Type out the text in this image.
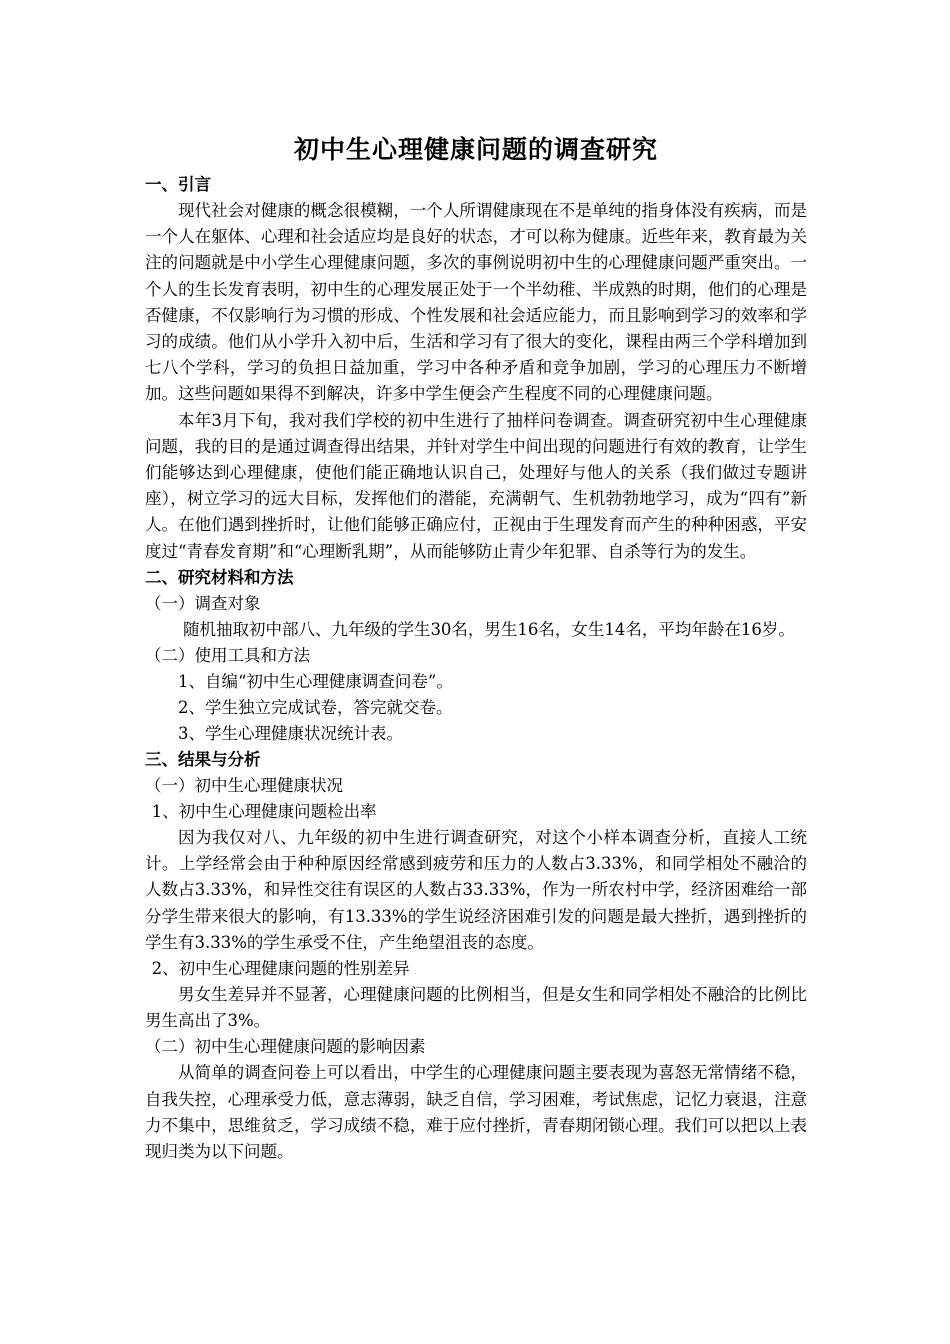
初中生心理健康问题的调查研究
一、引言

现代社会对健康的概念很模糊，一个人所谓健康现在不是单纯的指身体没有疾病，而是一个人在躯体、心理和社会适应均是良好的状态，才可以称为健康。近些年来，教育最为关注的问题就是中小学生心理健康问题，多次的事例说明初中生的心理健康问题严重突出。一个人的生长发育表明，初中生的心理发展正处于一个半幼稚、半成熟的时期，他们的心理是否健康，不仅影响行为习惯的形成、个性发展和社会适应能力，而且影响到学习的效率和学习的成绩。他们从小学升入初中后，生活和学习有了很大的变化，课程由两三个学科增加到七八个学科，学习的负担日益加重，学习中各种矛盾和竞争加剧，学习的心理压力不断增加。这些问题如果得不到解决，许多中学生便会产生程度不同的心理健康问题。

本年3月下旬，我对我们学校的初中生进行了抽样问卷调查。调查研究初中生心理健康问题，我的目的是通过调查得出结果，并针对学生中间出现的问题进行有效的教育，让学生们能够达到心理健康，使他们能正确地认识自己，处理好与他人的关系（我们做过专题讲座），树立学习的远大目标，发挥他们的潜能，充满朝气、生机勃勃地学习，成为“四有”新人。在他们遇到挫折时，让他们能够正确应付，正视由于生理发育而产生的种种困惑，平安度过“青春发育期”和“心理断乳期”，从而能够防止青少年犯罪、自杀等行为的发生。

二、研究材料和方法
（一）调查对象

随机抽取初中部八、九年级的学生30名，男生16名，女生14名，平均年龄在16岁。

（二）使用工具和方法
1、自编“初中生心理健康调查问卷”。
2、学生独立完成试卷，答完就交卷。
3、学生心理健康状况统计表。
三、结果与分析
（一）初中生心理健康状况
1、初中生心理健康问题检出率

因为我仅对八、九年级的初中生进行调查研究，对这个小样本调查分析，直接人工统计。上学经常会由于种种原因经常感到疲劳和压力的人数占3.33%，和同学相处不融洽的人数占3.33%，和异性交往有误区的人数占33.33%，作为一所农村中学，经济困难给一部分学生带来很大的影响，有13.33%的学生说经济困难引发的问题是最大挫折，遇到挫折的学生有3.33%的学生承受不住，产生绝望沮丧的态度。

2、初中生心理健康问题的性别差异

男女生差异并不显著，心理健康问题的比例相当，但是女生和同学相处不融洽的比例比男生高出了3%。

（二）初中生心理健康问题的影响因素

从简单的调查问卷上可以看出，中学生的心理健康问题主要表现为喜怒无常情绪不稳，自我失控，心理承受力低，意志薄弱，缺乏自信，学习困难，考试焦虑，记忆力衰退，注意力不集中，思维贫乏，学习成绩不稳，难于应付挫折，青春期闭锁心理。我们可以把以上表现归类为以下问题。
